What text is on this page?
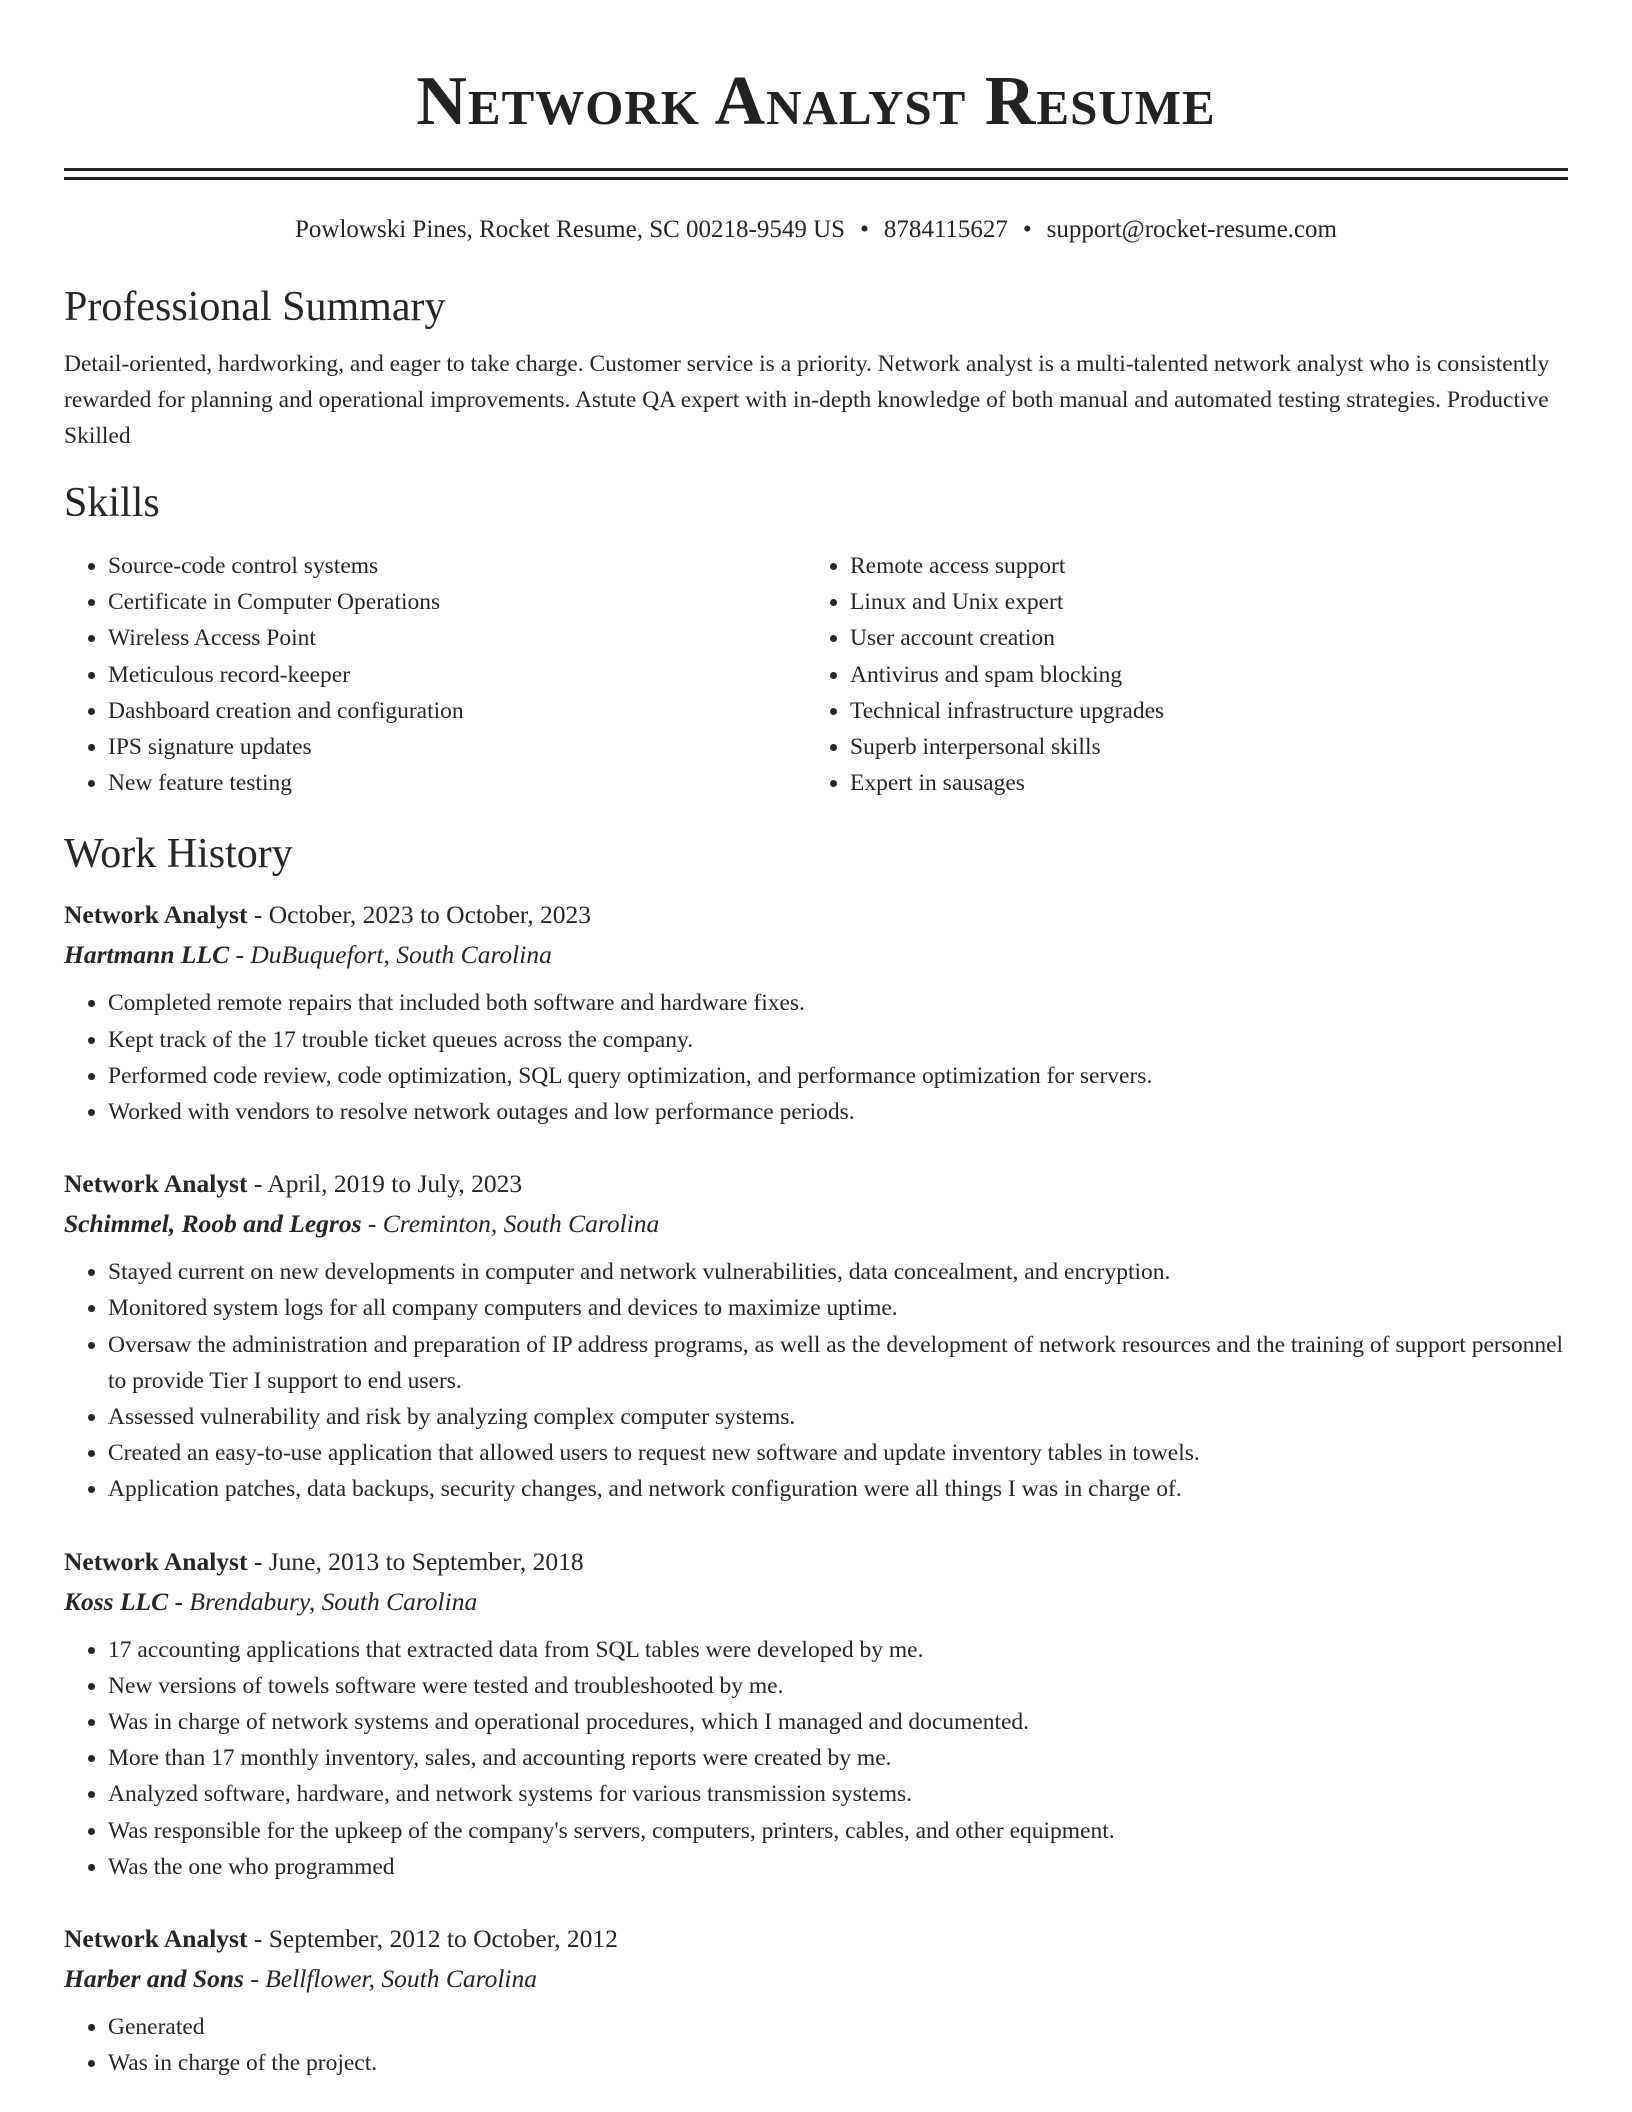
Network Analyst Resume
Powlowski Pines, Rocket Resume, SC 00218-9549 US • 8784115627 • support@rocket-resume.com
Professional Summary

Detail-oriented, hardworking, and eager to take charge. Customer service is a priority. Network analyst is a multi-talented network analyst who is consistently rewarded for planning and operational improvements. Astute QA expert with in-depth knowledge of both manual and automated testing strategies. Productive Skilled

Skills
• Source-code control systems
• Certificate in Computer Operations
• Wireless Access Point
• Meticulous record-keeper
• Dashboard creation and configuration
• IPS signature updates
• New feature testing
• Remote access support
• Linux and Unix expert
• User account creation
• Antivirus and spam blocking
• Technical infrastructure upgrades
• Superb interpersonal skills
• Expert in sausages
Work History
Network Analyst - October, 2023 to October, 2023
Hartmann LLC - DuBuquefort, South Carolina
• Completed remote repairs that included both software and hardware fixes.
• Kept track of the 17 trouble ticket queues across the company.
• Performed code review, code optimization, SQL query optimization, and performance optimization for servers.
• Worked with vendors to resolve network outages and low performance periods.
Network Analyst - April, 2019 to July, 2023
Schimmel, Roob and Legros - Creminton, South Carolina
• Stayed current on new developments in computer and network vulnerabilities, data concealment, and encryption.
• Monitored system logs for all company computers and devices to maximize uptime.
• Oversaw the administration and preparation of IP address programs, as well as the development of network resources and the training of support personnel to provide Tier I support to end users.
• Assessed vulnerability and risk by analyzing complex computer systems.
• Created an easy-to-use application that allowed users to request new software and update inventory tables in towels.
• Application patches, data backups, security changes, and network configuration were all things I was in charge of.
Network Analyst - June, 2013 to September, 2018
Koss LLC - Brendabury, South Carolina
• 17 accounting applications that extracted data from SQL tables were developed by me.
• New versions of towels software were tested and troubleshooted by me.
• Was in charge of network systems and operational procedures, which I managed and documented.
• More than 17 monthly inventory, sales, and accounting reports were created by me.
• Analyzed software, hardware, and network systems for various transmission systems.
• Was responsible for the upkeep of the company's servers, computers, printers, cables, and other equipment.
• Was the one who programmed
Network Analyst - September, 2012 to October, 2012
Harber and Sons - Bellflower, South Carolina
• Generated
• Was in charge of the project.
